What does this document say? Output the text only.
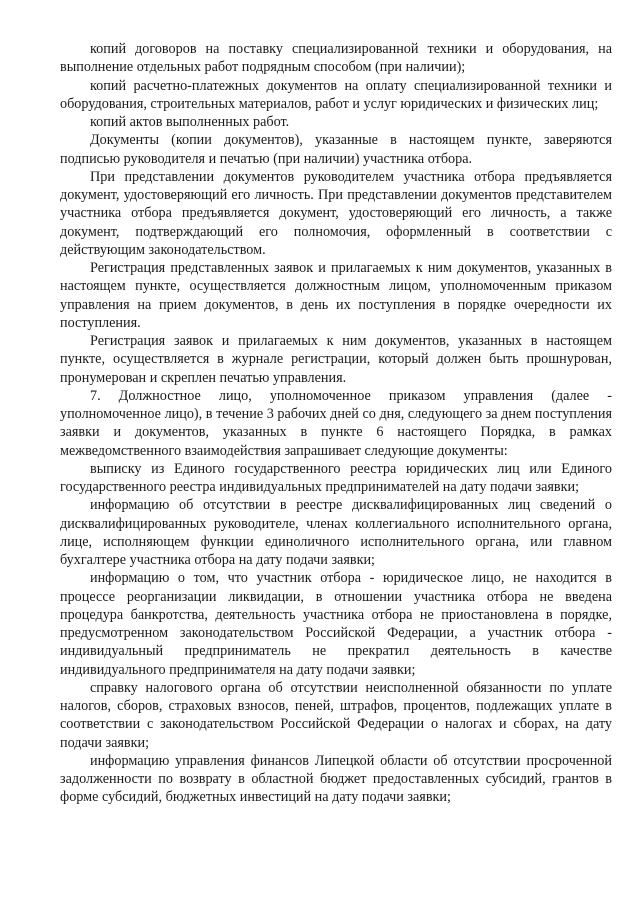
копий договоров на поставку специализированной техники и оборудования, на выполнение отдельных работ подрядным способом (при наличии);

копий расчетно-платежных документов на оплату специализированной техники и оборудования, строительных материалов, работ и услуг юридических и физических лиц;

копий актов выполненных работ.

Документы (копии документов), указанные в настоящем пункте, заверяются подписью руководителя и печатью (при наличии) участника отбора.

При представлении документов руководителем участника отбора предъявляется документ, удостоверяющий его личность. При представлении документов представителем участника отбора предъявляется документ, удостоверяющий его личность, а также документ, подтверждающий его полномочия, оформленный в соответствии с действующим законодательством.

Регистрация представленных заявок и прилагаемых к ним документов, указанных в настоящем пункте, осуществляется должностным лицом, уполномоченным приказом управления на прием документов, в день их поступления в порядке очередности их поступления.

Регистрация заявок и прилагаемых к ним документов, указанных в настоящем пункте, осуществляется в журнале регистрации, который должен быть прошнурован, пронумерован и скреплен печатью управления.

7. Должностное лицо, уполномоченное приказом управления (далее - уполномоченное лицо), в течение 3 рабочих дней со дня, следующего за днем поступления заявки и документов, указанных в пункте 6 настоящего Порядка, в рамках межведомственного взаимодействия запрашивает следующие документы:

выписку из Единого государственного реестра юридических лиц или Единого государственного реестра индивидуальных предпринимателей на дату подачи заявки;

информацию об отсутствии в реестре дисквалифицированных лиц сведений о дисквалифицированных руководителе, членах коллегиального исполнительного органа, лице, исполняющем функции единоличного исполнительного органа, или главном бухгалтере участника отбора на дату подачи заявки;

информацию о том, что участник отбора - юридическое лицо, не находится в процессе реорганизации ликвидации, в отношении участника отбора не введена процедура банкротства, деятельность участника отбора не приостановлена в порядке, предусмотренном законодательством Российской Федерации, а участник отбора - индивидуальный предприниматель не прекратил деятельность в качестве индивидуального предпринимателя на дату подачи заявки;

справку налогового органа об отсутствии неисполненной обязанности по уплате налогов, сборов, страховых взносов, пеней, штрафов, процентов, подлежащих уплате в соответствии с законодательством Российской Федерации о налогах и сборах, на дату подачи заявки;

информацию управления финансов Липецкой области об отсутствии просроченной задолженности по возврату в областной бюджет предоставленных субсидий, грантов в форме субсидий, бюджетных инвестиций на дату подачи заявки;
